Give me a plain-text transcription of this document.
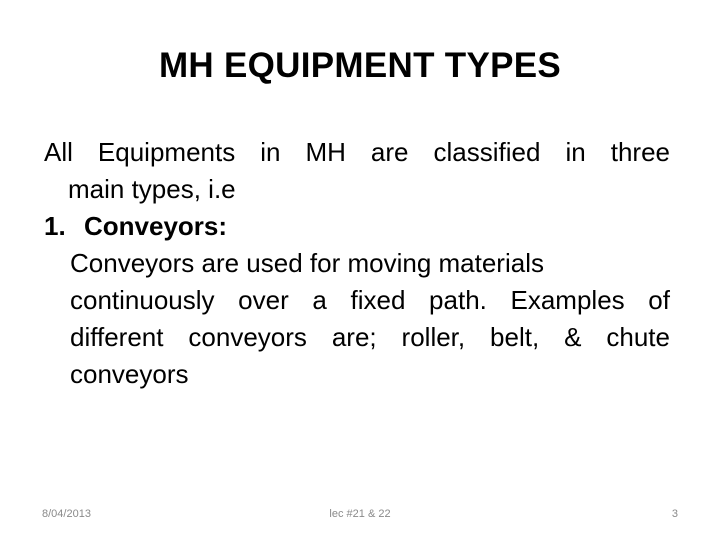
MH EQUIPMENT TYPES
All Equipments in MH are classified in three
main types, i.e
1. Conveyors:
Conveyors are used for moving materials
continuously over a fixed path. Examples of
different conveyors are; roller, belt, & chute
conveyors
8/04/2013	lec #21 & 22	3
